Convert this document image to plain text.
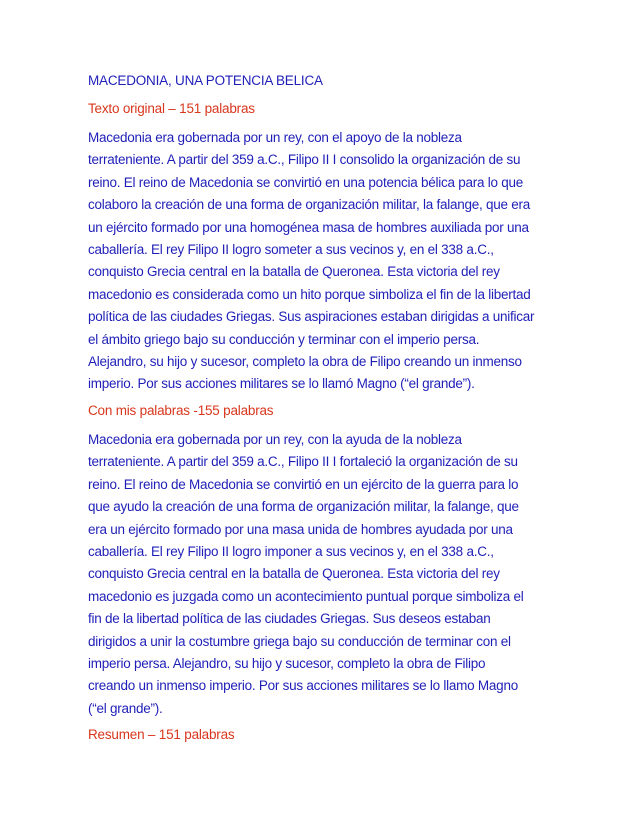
MACEDONIA, UNA POTENCIA BELICA
Texto original – 151 palabras
Macedonia era gobernada por un rey, con el apoyo de la nobleza
terrateniente. A partir del 359 a.C., Filipo II I consolido la organización de su
reino. El reino de Macedonia se convirtió en una potencia bélica para lo que
colaboro la creación de una forma de organización militar, la falange, que era
un ejército formado por una homogénea masa de hombres auxiliada por una
caballería. El rey Filipo II logro someter a sus vecinos y, en el 338 a.C.,
conquisto Grecia central en la batalla de Queronea. Esta victoria del rey
macedonio es considerada como un hito porque simboliza el fin de la libertad
política de las ciudades Griegas. Sus aspiraciones estaban dirigidas a unificar
el ámbito griego bajo su conducción y terminar con el imperio persa.
Alejandro, su hijo y sucesor, completo la obra de Filipo creando un inmenso
imperio. Por sus acciones militares se lo llamó Magno (“el grande”).
Con mis palabras -155 palabras
Macedonia era gobernada por un rey, con la ayuda de la nobleza
terrateniente. A partir del 359 a.C., Filipo II I fortaleció la organización de su
reino. El reino de Macedonia se convirtió en un ejército de la guerra para lo
que ayudo la creación de una forma de organización militar, la falange, que
era un ejército formado por una masa unida de hombres ayudada por una
caballería. El rey Filipo II logro imponer a sus vecinos y, en el 338 a.C.,
conquisto Grecia central en la batalla de Queronea. Esta victoria del rey
macedonio es juzgada como un acontecimiento puntual porque simboliza el
fin de la libertad política de las ciudades Griegas. Sus deseos estaban
dirigidos a unir la costumbre griega bajo su conducción de terminar con el
imperio persa. Alejandro, su hijo y sucesor, completo la obra de Filipo
creando un inmenso imperio. Por sus acciones militares se lo llamo Magno
(“el grande”).
Resumen – 151 palabras
